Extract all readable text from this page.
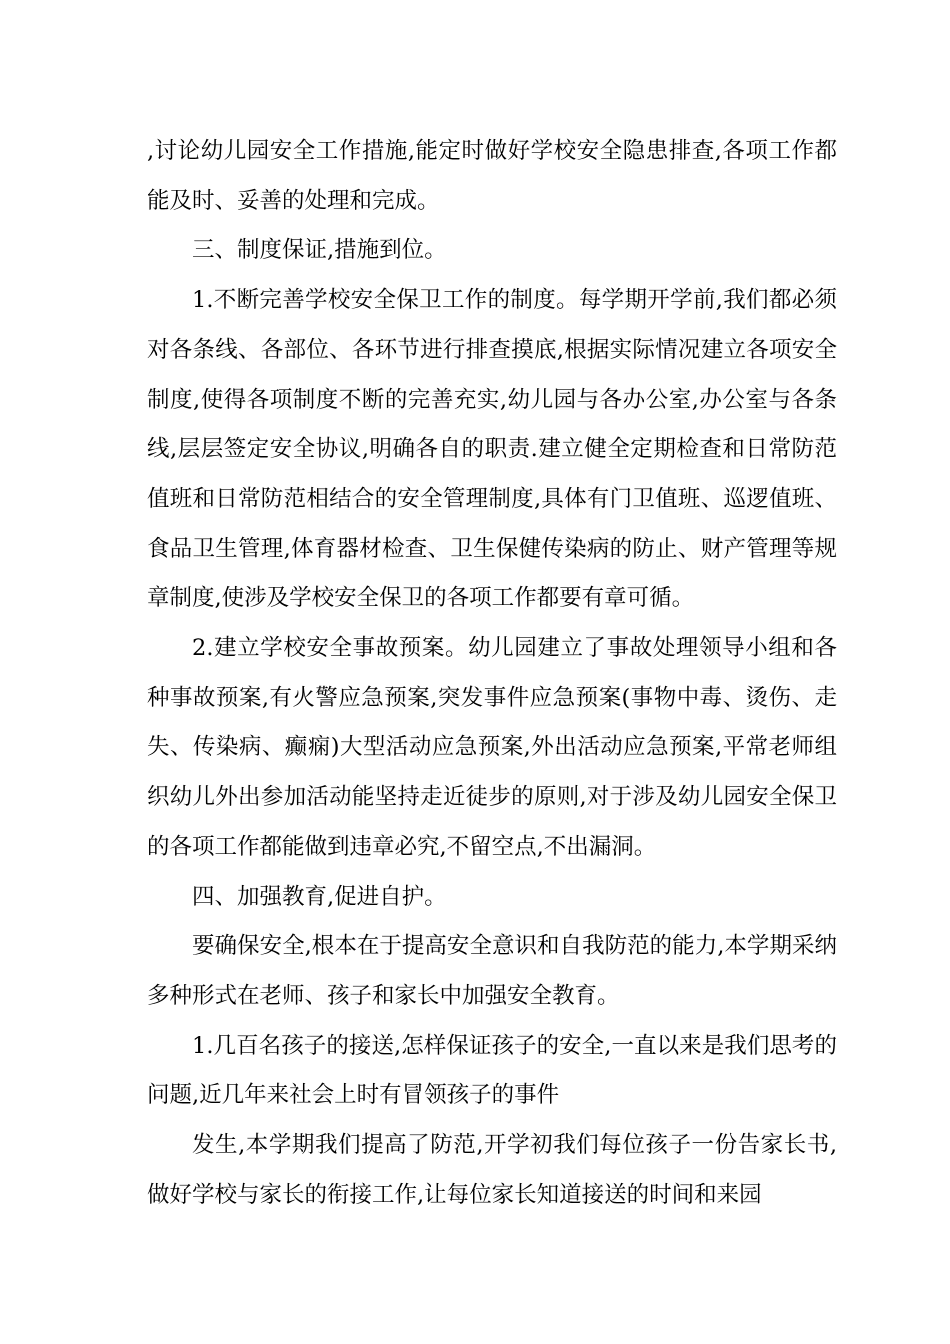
,讨论幼儿园安全工作措施,能定时做好学校安全隐患排查,各项工作都能及时、妥善的处理和完成。

三、制度保证,措施到位。

1.不断完善学校安全保卫工作的制度。每学期开学前,我们都必须对各条线、各部位、各环节进行排查摸底,根据实际情况建立各项安全制度,使得各项制度不断的完善充实,幼儿园与各办公室,办公室与各条线,层层签定安全协议,明确各自的职责.建立健全定期检查和日常防范值班和日常防范相结合的安全管理制度,具体有门卫值班、巡逻值班、食品卫生管理,体育器材检查、卫生保健传染病的防止、财产管理等规章制度,使涉及学校安全保卫的各项工作都要有章可循。

2.建立学校安全事故预案。幼儿园建立了事故处理领导小组和各种事故预案,有火警应急预案,突发事件应急预案(事物中毒、烫伤、走失、传染病、癫痫)大型活动应急预案,外出活动应急预案,平常老师组织幼儿外出参加活动能坚持走近徒步的原则,对于涉及幼儿园安全保卫的各项工作都能做到违章必究,不留空点,不出漏洞。

四、加强教育,促进自护。

要确保安全,根本在于提高安全意识和自我防范的能力,本学期采纳多种形式在老师、孩子和家长中加强安全教育。

1.几百名孩子的接送,怎样保证孩子的安全,一直以来是我们思考的问题,近几年来社会上时有冒领孩子的事件

发生,本学期我们提高了防范,开学初我们每位孩子一份告家长书,做好学校与家长的衔接工作,让每位家长知道接送的时间和来园
